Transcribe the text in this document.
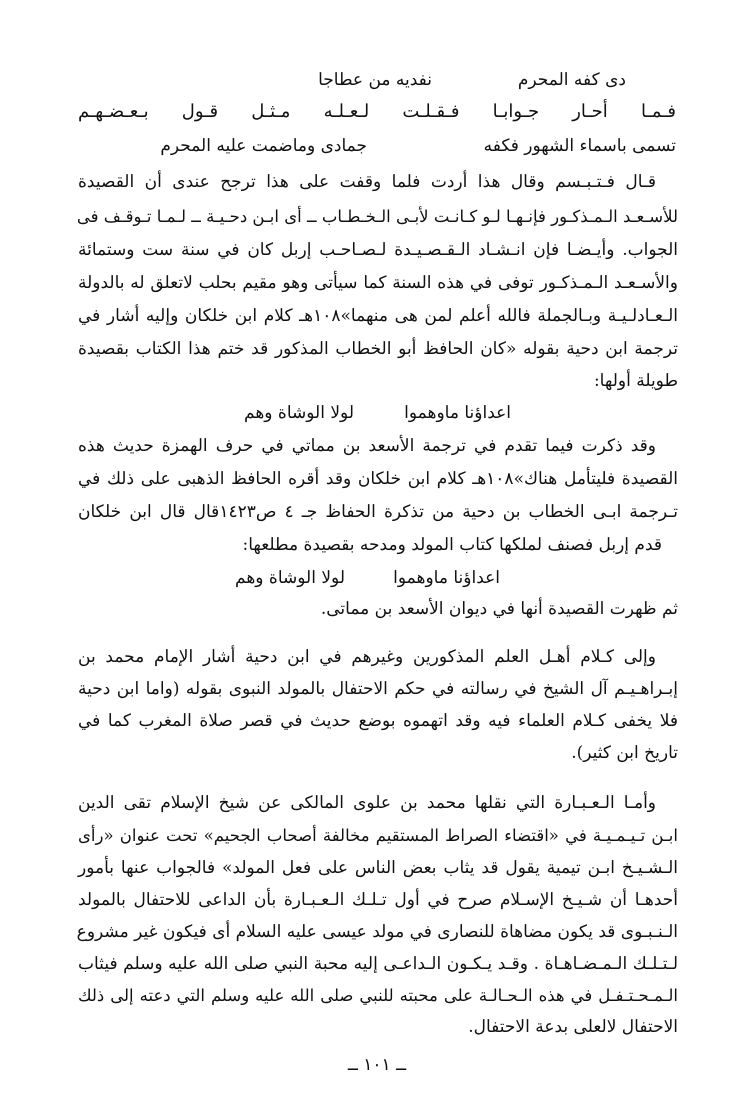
نفديه من عطاجا	دى كفه المحرم
فـمـا أحـار جـوابـا فـقـلـت لـعـلـه مـثـل قـول بـعـضـهـم
تسمى باسماء الشهور فكفه
جمادى وماضمت عليه المحرم
قـال فـتـبـسم وقال هذا أردت فلما وقفت على هذا ترجح عندى أن القصيدة
للأسـعـد الـمـذكـور فإنـهـا لـو كـانـت لأبـى الـخـطـاب ــ أى ابـن دحـيـة ــ لـمـا تـوقـف فى
الجواب. وأيـضـا فإن انـشـاد الـقـصـيـدة لـصـاحـب إربل كان في سنة ست وستمائة
والأسـعـد الـمـذكـور توفى في هذه السنة كما سيأتى وهو مقيم بحلب لاتعلق له بالدولة
الـعـادلـيـة وبـالجملة فالله أعلم لمن هى منهما»١٠٨هـ كلام ابن خلكان وإليه أشار في
ترجمة ابن دحية بقوله «كان الحافظ أبو الخطاب المذكور قد ختم هذا الكتاب بقصيدة
طويلة أولها:
لولا الوشاة وهم	اعداؤنا ماوهموا
وقد ذكرت فيما تقدم في ترجمة الأسعد بن مماتي في حرف الهمزة حديث هذه
القصيدة فليتأمل هناك»١٠٨هـ كلام ابن خلكان وقد أقره الحافظ الذهبى على ذلك في
تـرجمة ابـى الخطاب بن دحية من تذكرة الحفاظ جـ ٤ ص١٤٢٣قال قال ابن خلكان
قدم إربل فصنف لملكها كتاب المولد ومدحه بقصيدة مطلعها:
لولا الوشاة وهم	اعداؤنا ماوهموا
ثم ظهرت القصيدة أنها في ديوان الأسعد بن مماتى.
وإلى كـلام أهـل العلم المذكورين وغيرهم في ابن دحية أشار الإمام محمد بن
إبـراهـيـم آل الشيخ في رسالته في حكم الاحتفال بالمولد النبوى بقوله (واما ابن دحية
فلا يخفى كـلام العلماء فيه وقد اتهموه بوضع حديث في قصر صلاة المغرب كما في
تاريخ ابن كثير).
وأمـا الـعـبـارة التي نقلها محمد بن علوى المالكى عن شيخ الإسلام تقى الدين
ابـن تـيـمـيـة في «اقتضاء الصراط المستقيم مخالفة أصحاب الجحيم» تحت عنوان «رأى
الـشـيـخ ابـن تيمية يقول قد يثاب بعض الناس على فعل المولد» فالجواب عنها بأمور
أحدهـا أن شـيـخ الإسـلام صرح في أول تـلـك الـعـبـارة بأن الداعى للاحتفال بالمولد
الـنـبـوى قد يكون مضاهاة للنصارى في مولد عيسى عليه السلام أى فيكون غير مشروع
لـتـلـك الـمـضـاهـاة . وقـد يـكـون الـداعـى إليه محبة النبي صلى الله عليه وسلم فيثاب
الـمـحـتـفـل في هذه الـحـالـة على محبته للنبي صلى الله عليه وسلم التي دعته إلى ذلك
الاحتفال لالعلى بدعة الاحتفال.
ــ ١٠١ ــ
